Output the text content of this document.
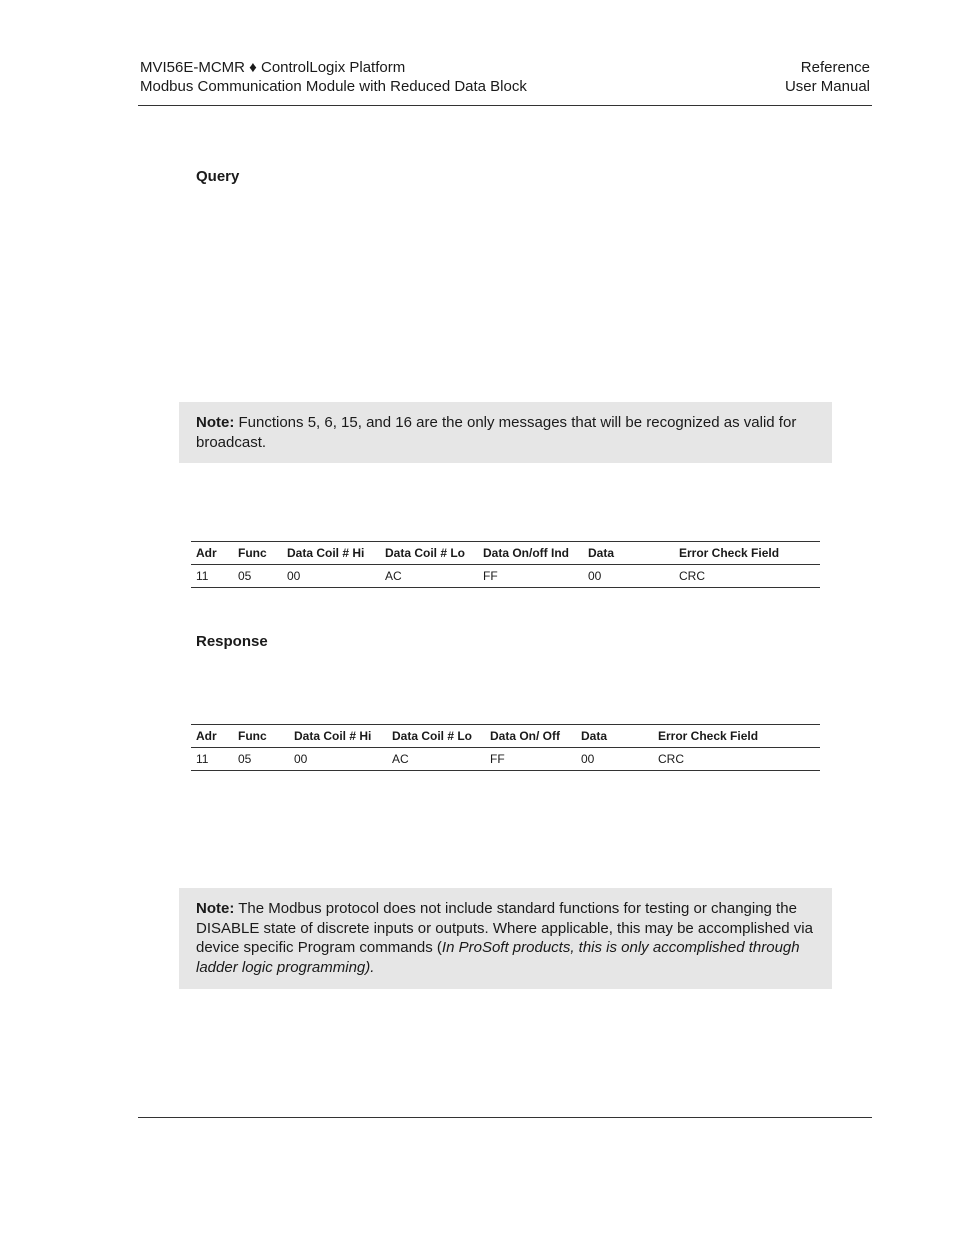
MVI56E-MCMR ♦ ControlLogix Platform
Modbus Communication Module with Reduced Data Block
Reference
User Manual
Query
Note: Functions 5, 6, 15, and 16 are the only messages that will be recognized as valid for broadcast.
Adr	Func	Data Coil # Hi	Data Coil # Lo	Data On/off Ind	Data	Error Check Field
11	05	00	AC	FF	00	CRC
Response
Adr	Func	Data Coil # Hi	Data Coil # Lo	Data On/ Off	Data	Error Check Field
11	05	00	AC	FF	00	CRC
Note: The Modbus protocol does not include standard functions for testing or changing the DISABLE state of discrete inputs or outputs. Where applicable, this may be accomplished via device specific Program commands (In ProSoft products, this is only accomplished through ladder logic programming).
